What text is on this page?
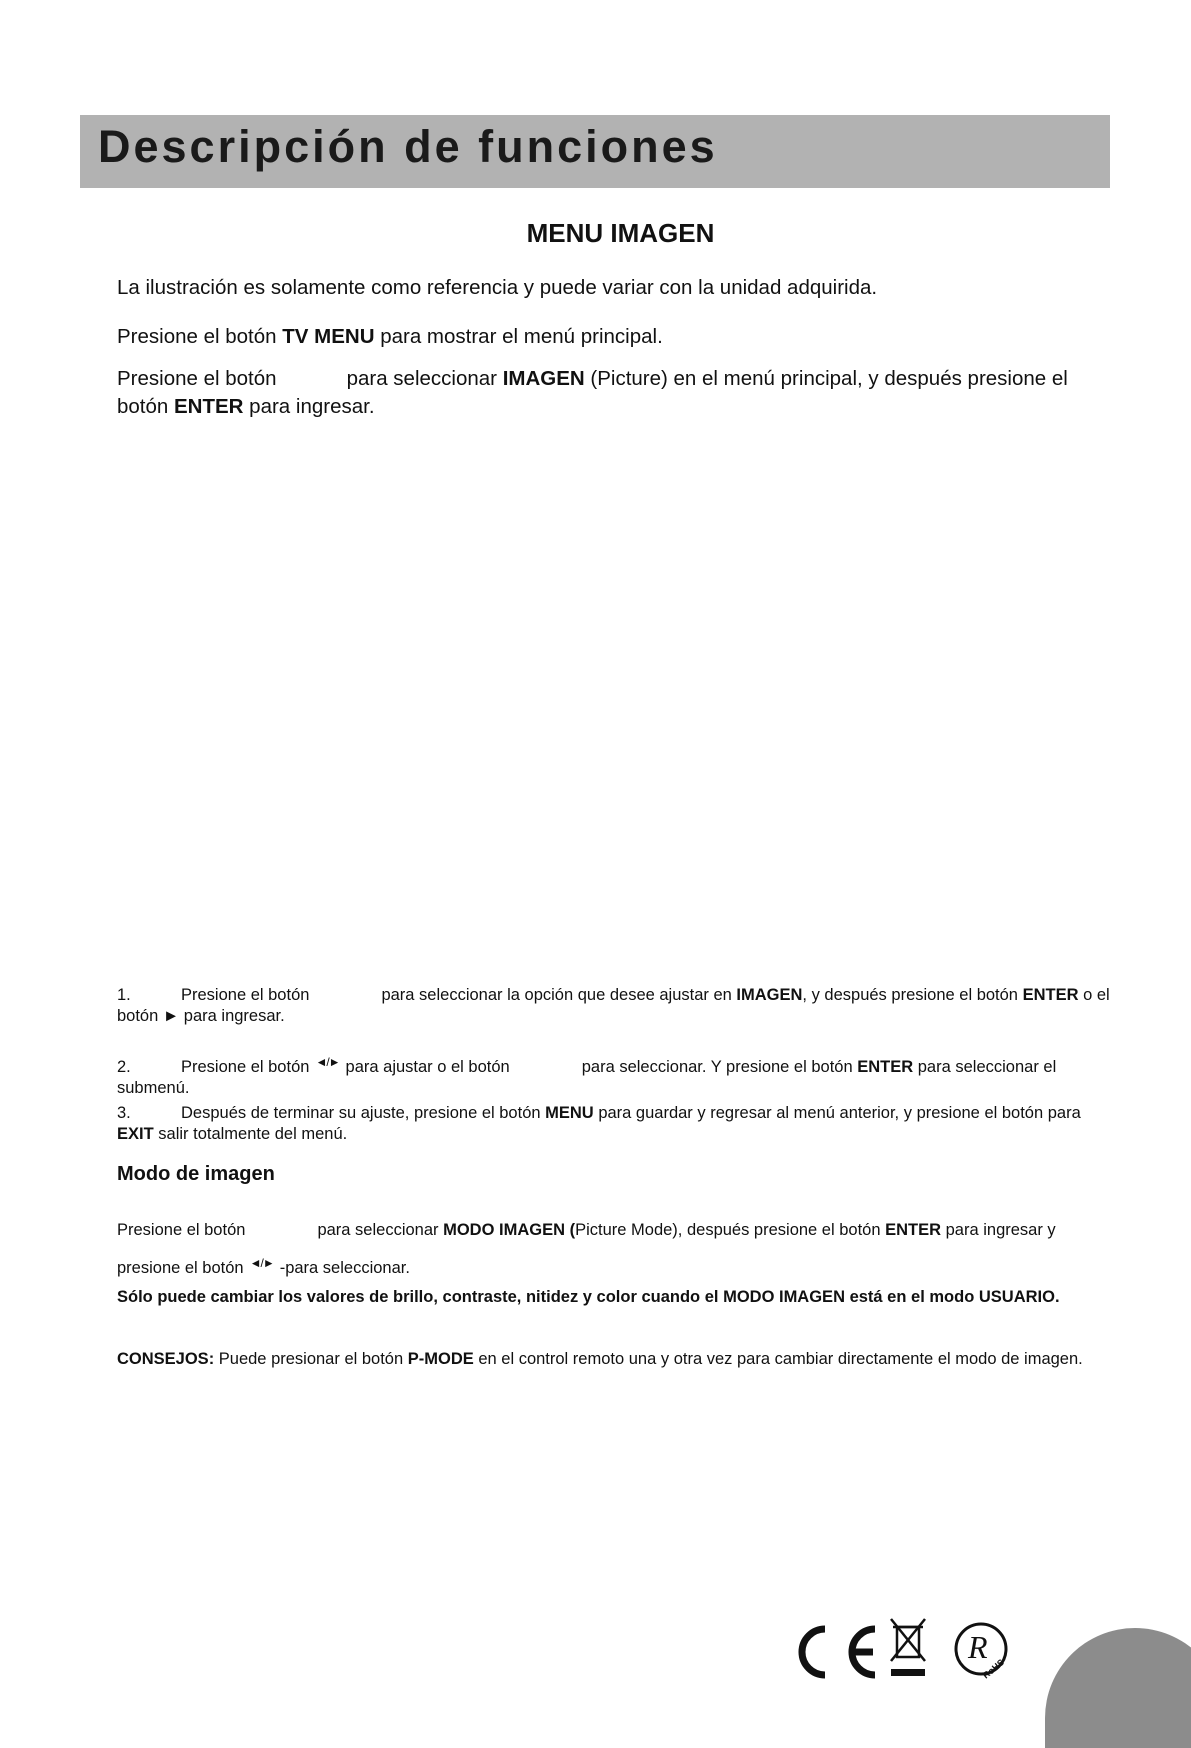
Descripción de funciones
MENU IMAGEN
La ilustración es solamente como referencia y puede variar con la unidad adquirida.
Presione el botón TV MENU para mostrar el menú principal.
Presione el botón	para seleccionar IMAGEN (Picture) en el menú principal, y después presione el botón ENTER para ingresar.
1.	Presione el botón	para seleccionar la opción que desee ajustar en IMAGEN, y después presione el botón ENTER o el botón ► para ingresar.
2.	Presione el botón ◄/► para ajustar o el botón	para seleccionar. Y presione el botón ENTER para seleccionar el submenú.
3.	Después de terminar su ajuste, presione el botón MENU para guardar y regresar al menú anterior, y presione el botón para EXIT salir totalmente del menú.
Modo de imagen
Presione el botón	para seleccionar MODO IMAGEN (Picture Mode), después presione el botón ENTER para ingresar y presione el botón ◄/► -para seleccionar.
Sólo puede cambiar los valores de brillo, contraste, nitidez y color cuando el MODO IMAGEN está en el modo USUARIO.
CONSEJOS: Puede presionar el botón P-MODE en el control remoto una y otra vez para cambiar directamente el modo de imagen.
R
RoHS
